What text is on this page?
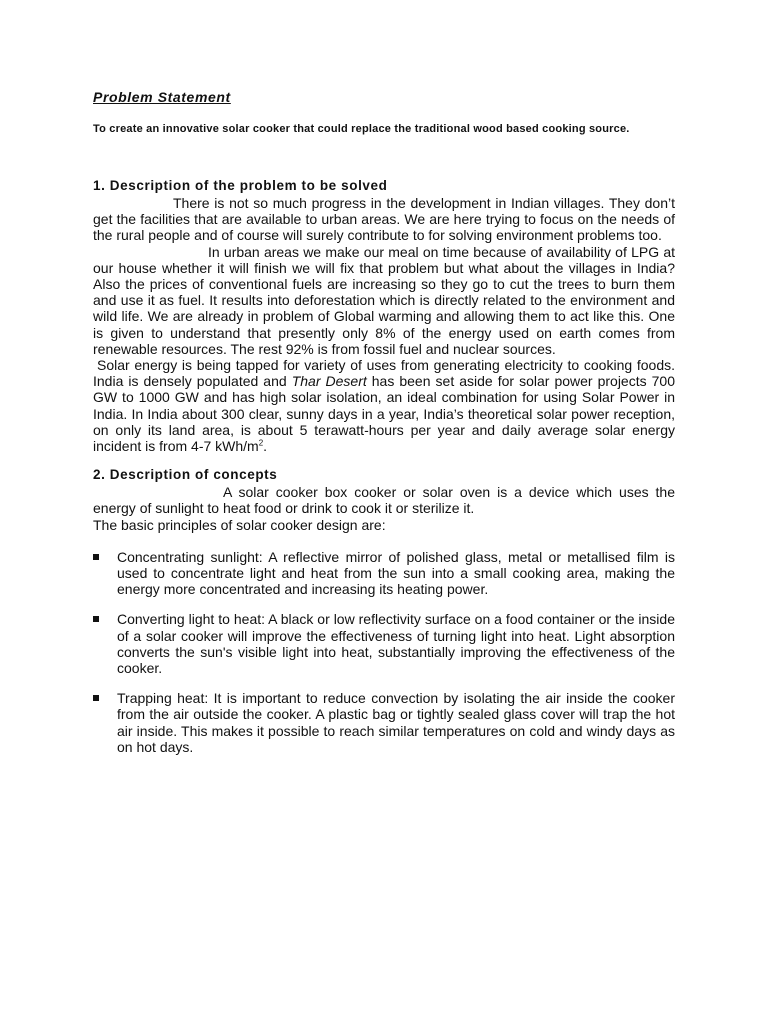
Problem Statement

To create an innovative solar cooker that could replace the traditional wood based cooking source.

1. Description of the problem to be solved

There is not so much progress in the development in Indian villages. They don’t get the facilities that are available to urban areas. We are here trying to focus on the needs of the rural people and of course will surely contribute to for solving environment problems too.

In urban areas we make our meal on time because of availability of LPG at our house whether it will finish we will fix that problem but what about the villages in India? Also the prices of conventional fuels are increasing so they go to cut the trees to burn them and use it as fuel. It results into deforestation which is directly related to the environment and wild life. We are already in problem of Global warming and allowing them to act like this. One is given to understand that presently only 8% of the energy used on earth comes from renewable resources. The rest 92% is from fossil fuel and nuclear sources.

Solar energy is being tapped for variety of uses from generating electricity to cooking foods. India is densely populated and Thar Desert has been set aside for solar power projects 700 GW to 1000 GW and has high solar isolation, an ideal combination for using Solar Power in India. In India about 300 clear, sunny days in a year, India’s theoretical solar power reception, on only its land area, is about 5 terawatt-hours per year and daily average solar energy incident is from 4-7 kWh/$m^2$.

2. Description of concepts

A solar cooker box cooker or solar oven is a device which uses the energy of sunlight to heat food or drink to cook it or sterilize it.

The basic principles of solar cooker design are:

Concentrating sunlight: A reflective mirror of polished glass, metal or metallised film is used to concentrate light and heat from the sun into a small cooking area, making the energy more concentrated and increasing its heating power.
Converting light to heat: A black or low reflectivity surface on a food container or the inside of a solar cooker will improve the effectiveness of turning light into heat. Light absorption converts the sun's visible light into heat, substantially improving the effectiveness of the cooker.
Trapping heat: It is important to reduce convection by isolating the air inside the cooker from the air outside the cooker. A plastic bag or tightly sealed glass cover will trap the hot air inside. This makes it possible to reach similar temperatures on cold and windy days as on hot days.
